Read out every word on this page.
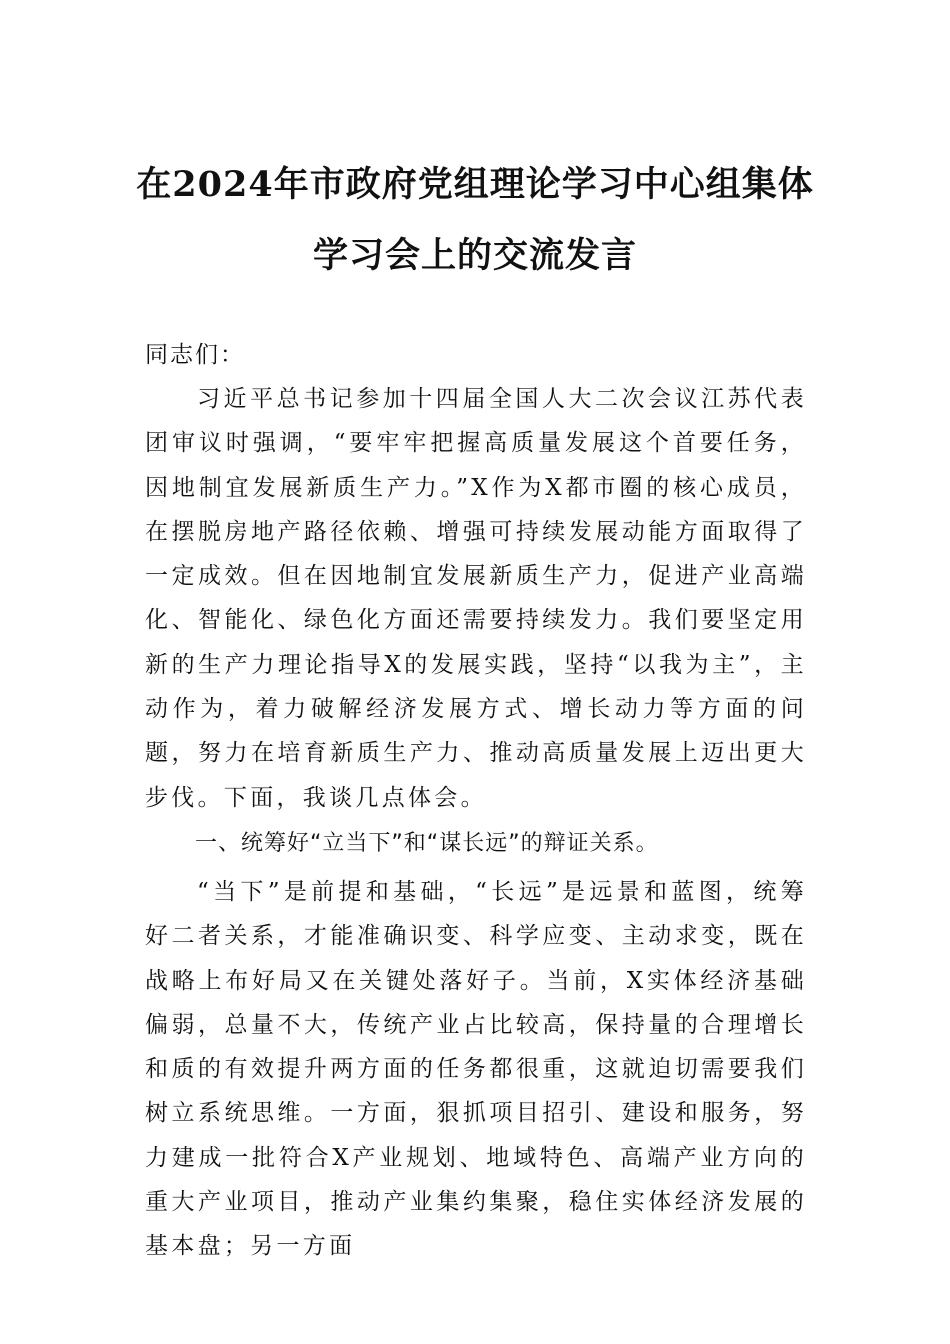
在2024年市政府党组理论学习中心组集体
学习会上的交流发言

同志们：

习近平总书记参加十四届全国人大二次会议江苏代表团审议时强调，“要牢牢把握高质量发展这个首要任务，因地制宜发展新质生产力。”X作为X都市圈的核心成员，在摆脱房地产路径依赖、增强可持续发展动能方面取得了一定成效。但在因地制宜发展新质生产力，促进产业高端化、智能化、绿色化方面还需要持续发力。我们要坚定用新的生产力理论指导X的发展实践，坚持“以我为主”，主动作为，着力破解经济发展方式、增长动力等方面的问题，努力在培育新质生产力、推动高质量发展上迈出更大步伐。下面，我谈几点体会。

一、统筹好“立当下”和“谋长远”的辩证关系。

“当下”是前提和基础，“长远”是远景和蓝图，统筹好二者关系，才能准确识变、科学应变、主动求变，既在战略上布好局又在关键处落好子。当前，X实体经济基础偏弱，总量不大，传统产业占比较高，保持量的合理增长和质的有效提升两方面的任务都很重，这就迫切需要我们树立系统思维。一方面，狠抓项目招引、建设和服务，努力建成一批符合X产业规划、地域特色、高端产业方向的重大产业项目，推动产业集约集聚，稳住实体经济发展的基本盘；另一方面
